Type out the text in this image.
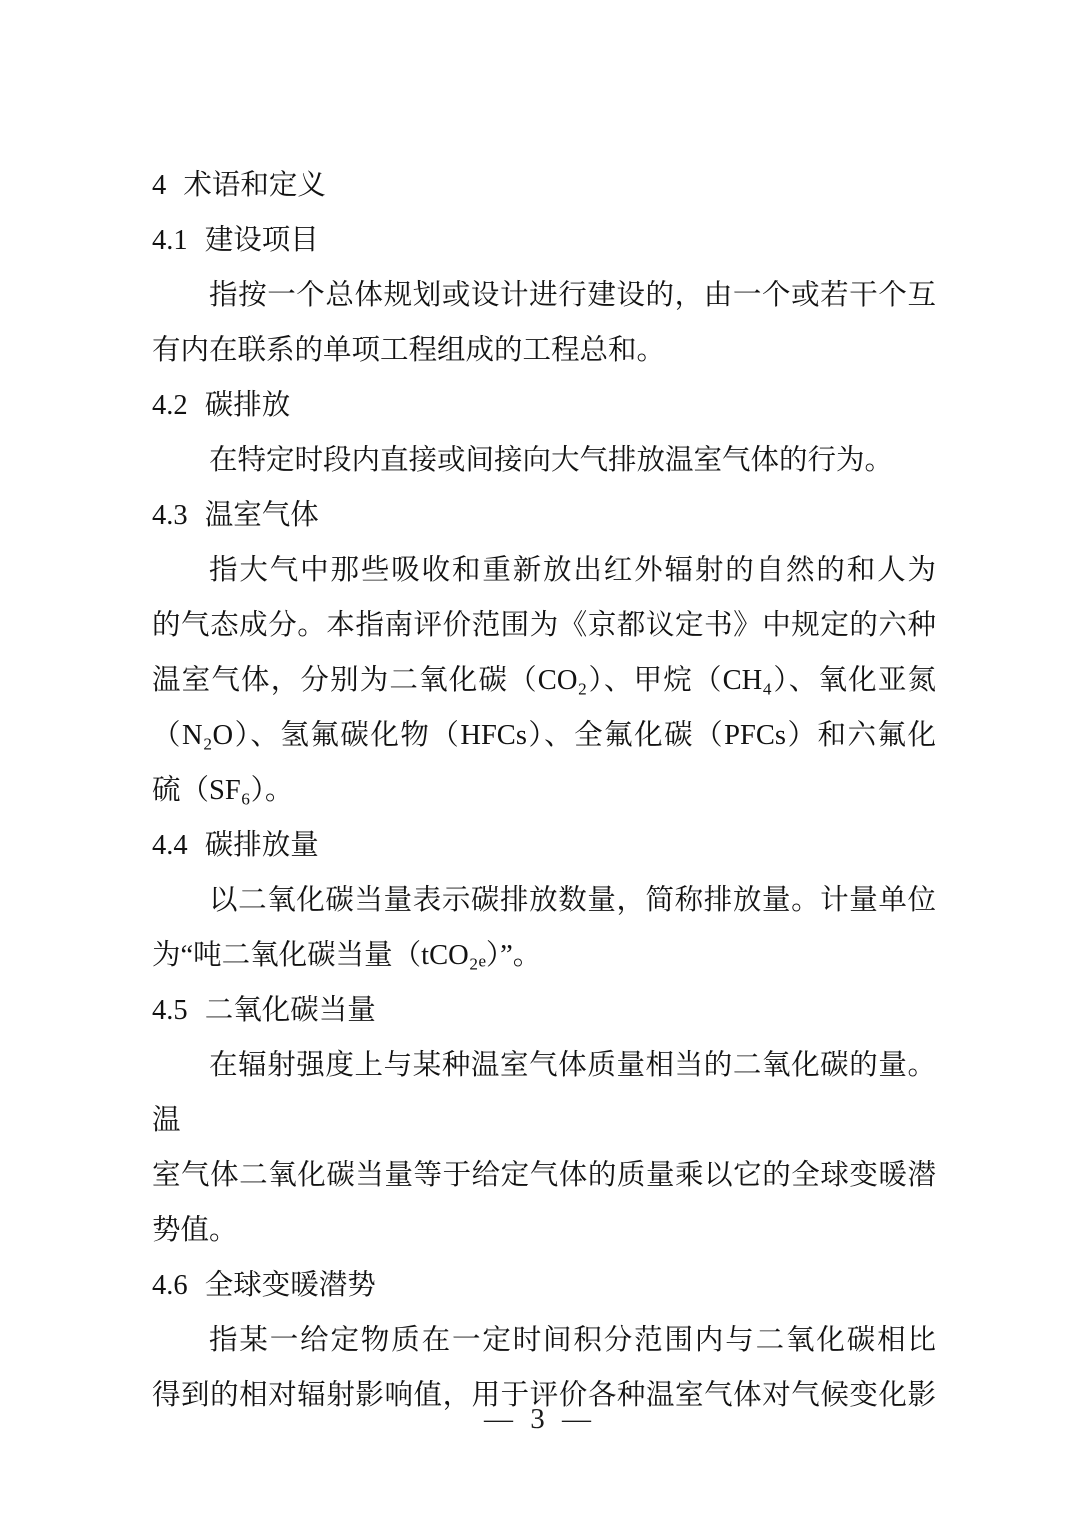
4 术语和定义
4.1 建设项目
指按一个总体规划或设计进行建设的，由一个或若干个互
有内在联系的单项工程组成的工程总和。
4.2 碳排放
在特定时段内直接或间接向大气排放温室气体的行为。
4.3 温室气体
指大气中那些吸收和重新放出红外辐射的自然的和人为
的气态成分。本指南评价范围为《京都议定书》中规定的六种
温室气体，分别为二氧化碳（CO₂）、甲烷（CH₄）、氧化亚氮
（N₂O）、氢氟碳化物（HFCs）、全氟化碳（PFCs）和六氟化
硫（SF₆）。
4.4 碳排放量
以二氧化碳当量表示碳排放数量，简称排放量。计量单位
为“吨二氧化碳当量（tCO₂ₑ）”。
4.5 二氧化碳当量
在辐射强度上与某种温室气体质量相当的二氧化碳的量。温
室气体二氧化碳当量等于给定气体的质量乘以它的全球变暖潜
势值。
4.6 全球变暖潜势
指某一给定物质在一定时间积分范围内与二氧化碳相比
得到的相对辐射影响值，用于评价各种温室气体对气候变化影
— 3 —
